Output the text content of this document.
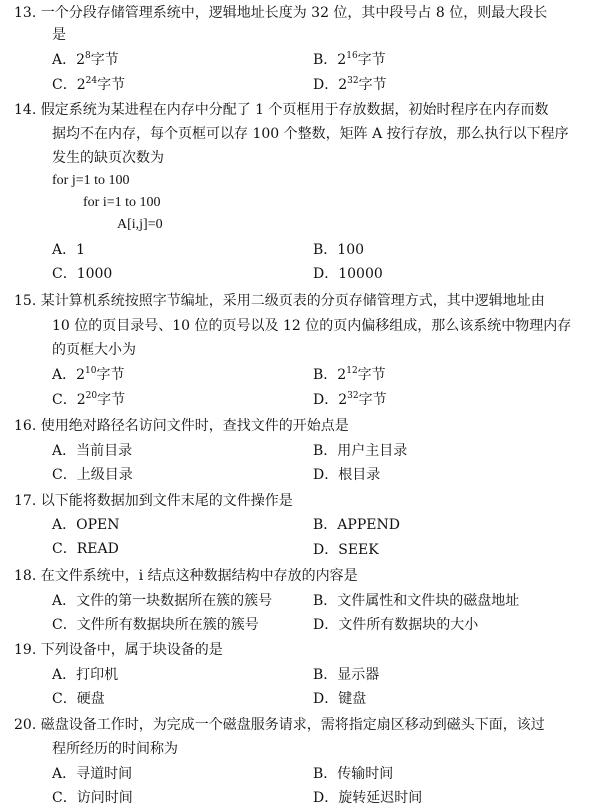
13. 一个分段存储管理系统中，逻辑地址长度为 32 位，其中段号占 8 位，则最大段长
是
A．$2^8$字节	B．$2^{16}$字节
C．$2^{24}$字节	D．$2^{32}$字节
14. 假定系统为某进程在内存中分配了 1 个页框用于存放数据，初始时程序在内存而数
据均不在内存，每个页框可以存 100 个整数，矩阵 A 按行存放，那么执行以下程序
发生的缺页次数为
for j=1 to 100
for i=1 to 100
A[i,j]=0
A．1	B．100
C．1000	D．10000
15. 某计算机系统按照字节编址，采用二级页表的分页存储管理方式，其中逻辑地址由
10 位的页目录号、10 位的页号以及 12 位的页内偏移组成，那么该系统中物理内存
的页框大小为
A．$2^{10}$字节	B．$2^{12}$字节
C．$2^{20}$字节	D．$2^{32}$字节
16. 使用绝对路径名访问文件时，查找文件的开始点是
A．当前目录	B．用户主目录
C．上级目录	D．根目录
17. 以下能将数据加到文件末尾的文件操作是
A．OPEN	B．APPEND
C．READ	D．SEEK
18. 在文件系统中，i 结点这种数据结构中存放的内容是
A．文件的第一块数据所在簇的簇号	B．文件属性和文件块的磁盘地址
C．文件所有数据块所在簇的簇号	D．文件所有数据块的大小
19. 下列设备中，属于块设备的是
A．打印机	B．显示器
C．硬盘	D．键盘
20. 磁盘设备工作时，为完成一个磁盘服务请求，需将指定扇区移动到磁头下面，该过
程所经历的时间称为
A．寻道时间	B．传输时间
C．访问时间	D．旋转延迟时间
